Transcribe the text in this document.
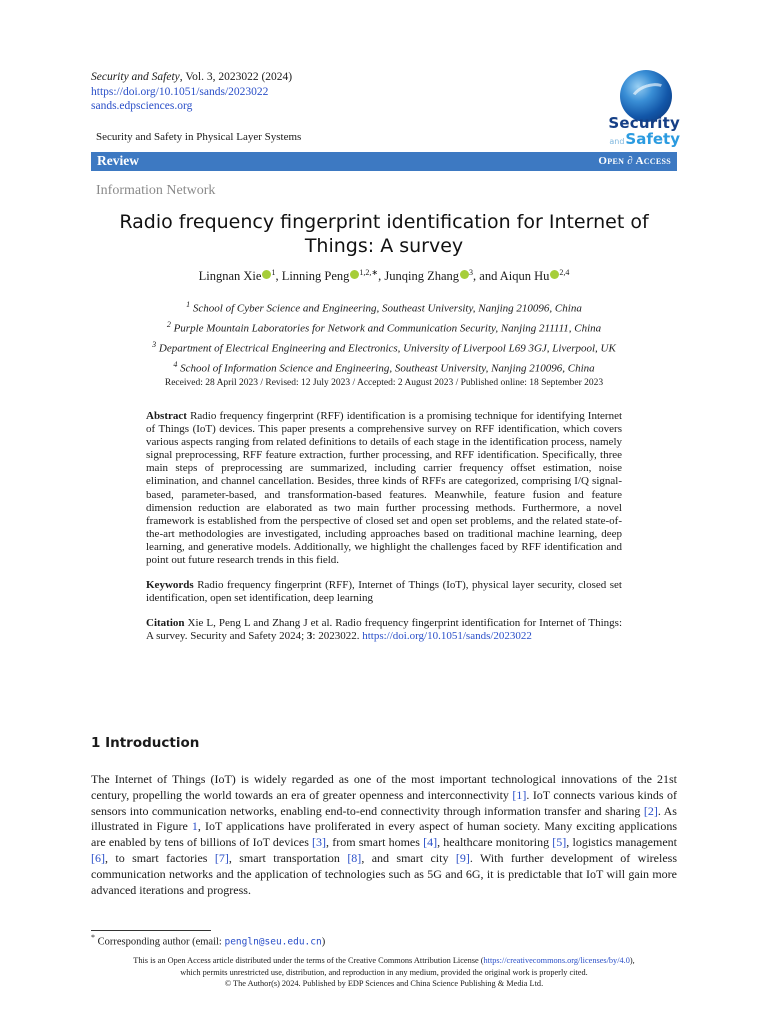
Security and Safety, Vol. 3, 2023022 (2024)
https://doi.org/10.1051/sands/2023022
sands.edpsciences.org
Security
andSafety
Security and Safety in Physical Layer Systems
Review	Open ∂ Access
Information Network
Radio frequency fingerprint identification for Internet of Things: A survey
Lingnan Xie $^1$, Linning Peng $^{1,2,∗}$, Junqing Zhang $^3$, and Aiqun Hu $^{2,4}$
$^1$ School of Cyber Science and Engineering, Southeast University, Nanjing 210096, China
$^2$ Purple Mountain Laboratories for Network and Communication Security, Nanjing 211111, China
$^3$ Department of Electrical Engineering and Electronics, University of Liverpool L69 3GJ, Liverpool, UK
$^4$ School of Information Science and Engineering, Southeast University, Nanjing 210096, China
Received: 28 April 2023 / Revised: 12 July 2023 / Accepted: 2 August 2023 / Published online: 18 September 2023

Abstract Radio frequency fingerprint (RFF) identification is a promising technique for identifying Internet of Things (IoT) devices. This paper presents a comprehensive survey on RFF identification, which covers various aspects ranging from related definitions to details of each stage in the identification process, namely signal preprocessing, RFF feature extraction, further processing, and RFF identification. Specifically, three main steps of preprocessing are summarized, including carrier frequency offset estimation, noise elimination, and channel cancellation. Besides, three kinds of RFFs are categorized, comprising I/Q signal-based, parameter-based, and transformation-based features. Meanwhile, feature fusion and feature dimension reduction are elaborated as two main further processing methods. Furthermore, a novel framework is established from the perspective of closed set and open set problems, and the related state-of-the-art methodologies are investigated, including approaches based on traditional machine learning, deep learning, and generative models. Additionally, we highlight the challenges faced by RFF identification and point out future research trends in this field.

Keywords Radio frequency fingerprint (RFF), Internet of Things (IoT), physical layer security, closed set identification, open set identification, deep learning

Citation Xie L, Peng L and Zhang J et al. Radio frequency fingerprint identification for Internet of Things: A survey. Security and Safety 2024; 3: 2023022. https://doi.org/10.1051/sands/2023022

1 Introduction
The Internet of Things (IoT) is widely regarded as one of the most important technological innovations of the 21st century, propelling the world towards an era of greater openness and interconnectivity [1]. IoT connects various kinds of sensors into communication networks, enabling end-to-end connectivity through information transfer and sharing [2]. As illustrated in Figure 1, IoT applications have proliferated in every aspect of human society. Many exciting applications are enabled by tens of billions of IoT devices [3], from smart homes [4], healthcare monitoring [5], logistics management [6], to smart factories [7], smart transportation [8], and smart city [9]. With further development of wireless communication networks and the application of technologies such as 5G and 6G, it is predictable that IoT will gain more advanced iterations and progress.
* Corresponding author (email: pengln@seu.edu.cn)
This is an Open Access article distributed under the terms of the Creative Commons Attribution License (https://creativecommons.org/licenses/by/4.0),
which permits unrestricted use, distribution, and reproduction in any medium, provided the original work is properly cited.
© The Author(s) 2024. Published by EDP Sciences and China Science Publishing & Media Ltd.
